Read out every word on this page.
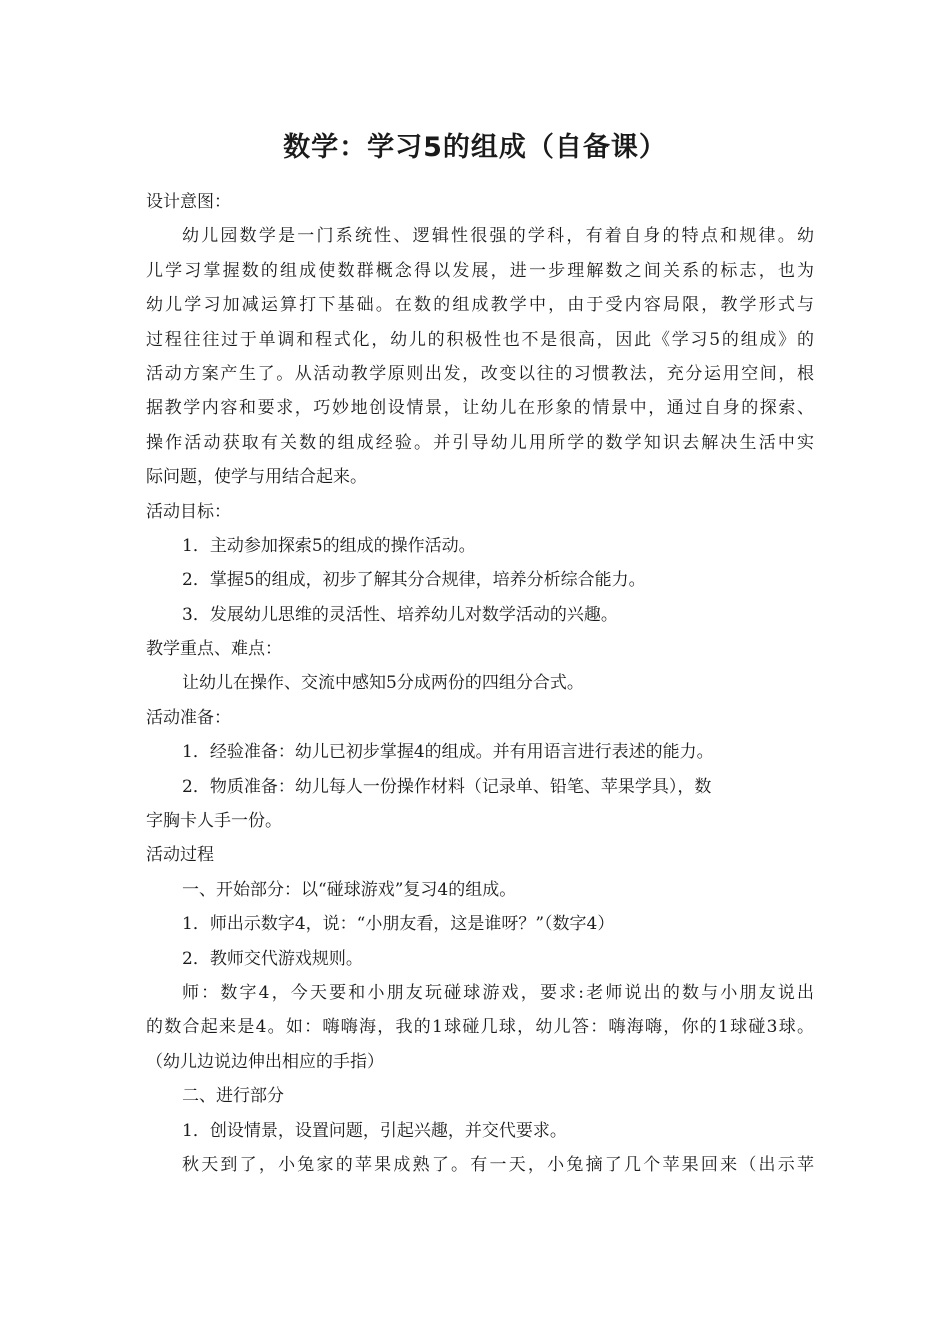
数学：学习5的组成（自备课）
设计意图：
幼儿园数学是一门系统性、逻辑性很强的学科，有着自身的特点和规律。幼
儿学习掌握数的组成使数群概念得以发展，进一步理解数之间关系的标志，也为
幼儿学习加减运算打下基础。在数的组成教学中，由于受内容局限，教学形式与
过程往往过于单调和程式化，幼儿的积极性也不是很高，因此《学习5的组成》的
活动方案产生了。从活动教学原则出发，改变以往的习惯教法，充分运用空间，根
据教学内容和要求，巧妙地创设情景，让幼儿在形象的情景中，通过自身的探索、
操作活动获取有关数的组成经验。并引导幼儿用所学的数学知识去解决生活中实
际问题，使学与用结合起来。
活动目标：
1．主动参加探索5的组成的操作活动。
2．掌握5的组成，初步了解其分合规律，培养分析综合能力。
3．发展幼儿思维的灵活性、培养幼儿对数学活动的兴趣。
教学重点、难点：
让幼儿在操作、交流中感知5分成两份的四组分合式。
活动准备：
1．经验准备：幼儿已初步掌握4的组成。并有用语言进行表述的能力。
2．物质准备：幼儿每人一份操作材料（记录单、铅笔、苹果学具），数
字胸卡人手一份。
活动过程
一、开始部分：以“碰球游戏”复习4的组成。
1．师出示数字4，说：“小朋友看，这是谁呀？”（数字4）
2．教师交代游戏规则。
师：数字4，今天要和小朋友玩碰球游戏，要求:老师说出的数与小朋友说出
的数合起来是4。如：嗨嗨海，我的1球碰几球，幼儿答：嗨海嗨，你的1球碰3球。
（幼儿边说边伸出相应的手指）
二、进行部分
1．创设情景，设置问题，引起兴趣，并交代要求。
秋天到了，小兔家的苹果成熟了。有一天，小兔摘了几个苹果回来（出示苹
